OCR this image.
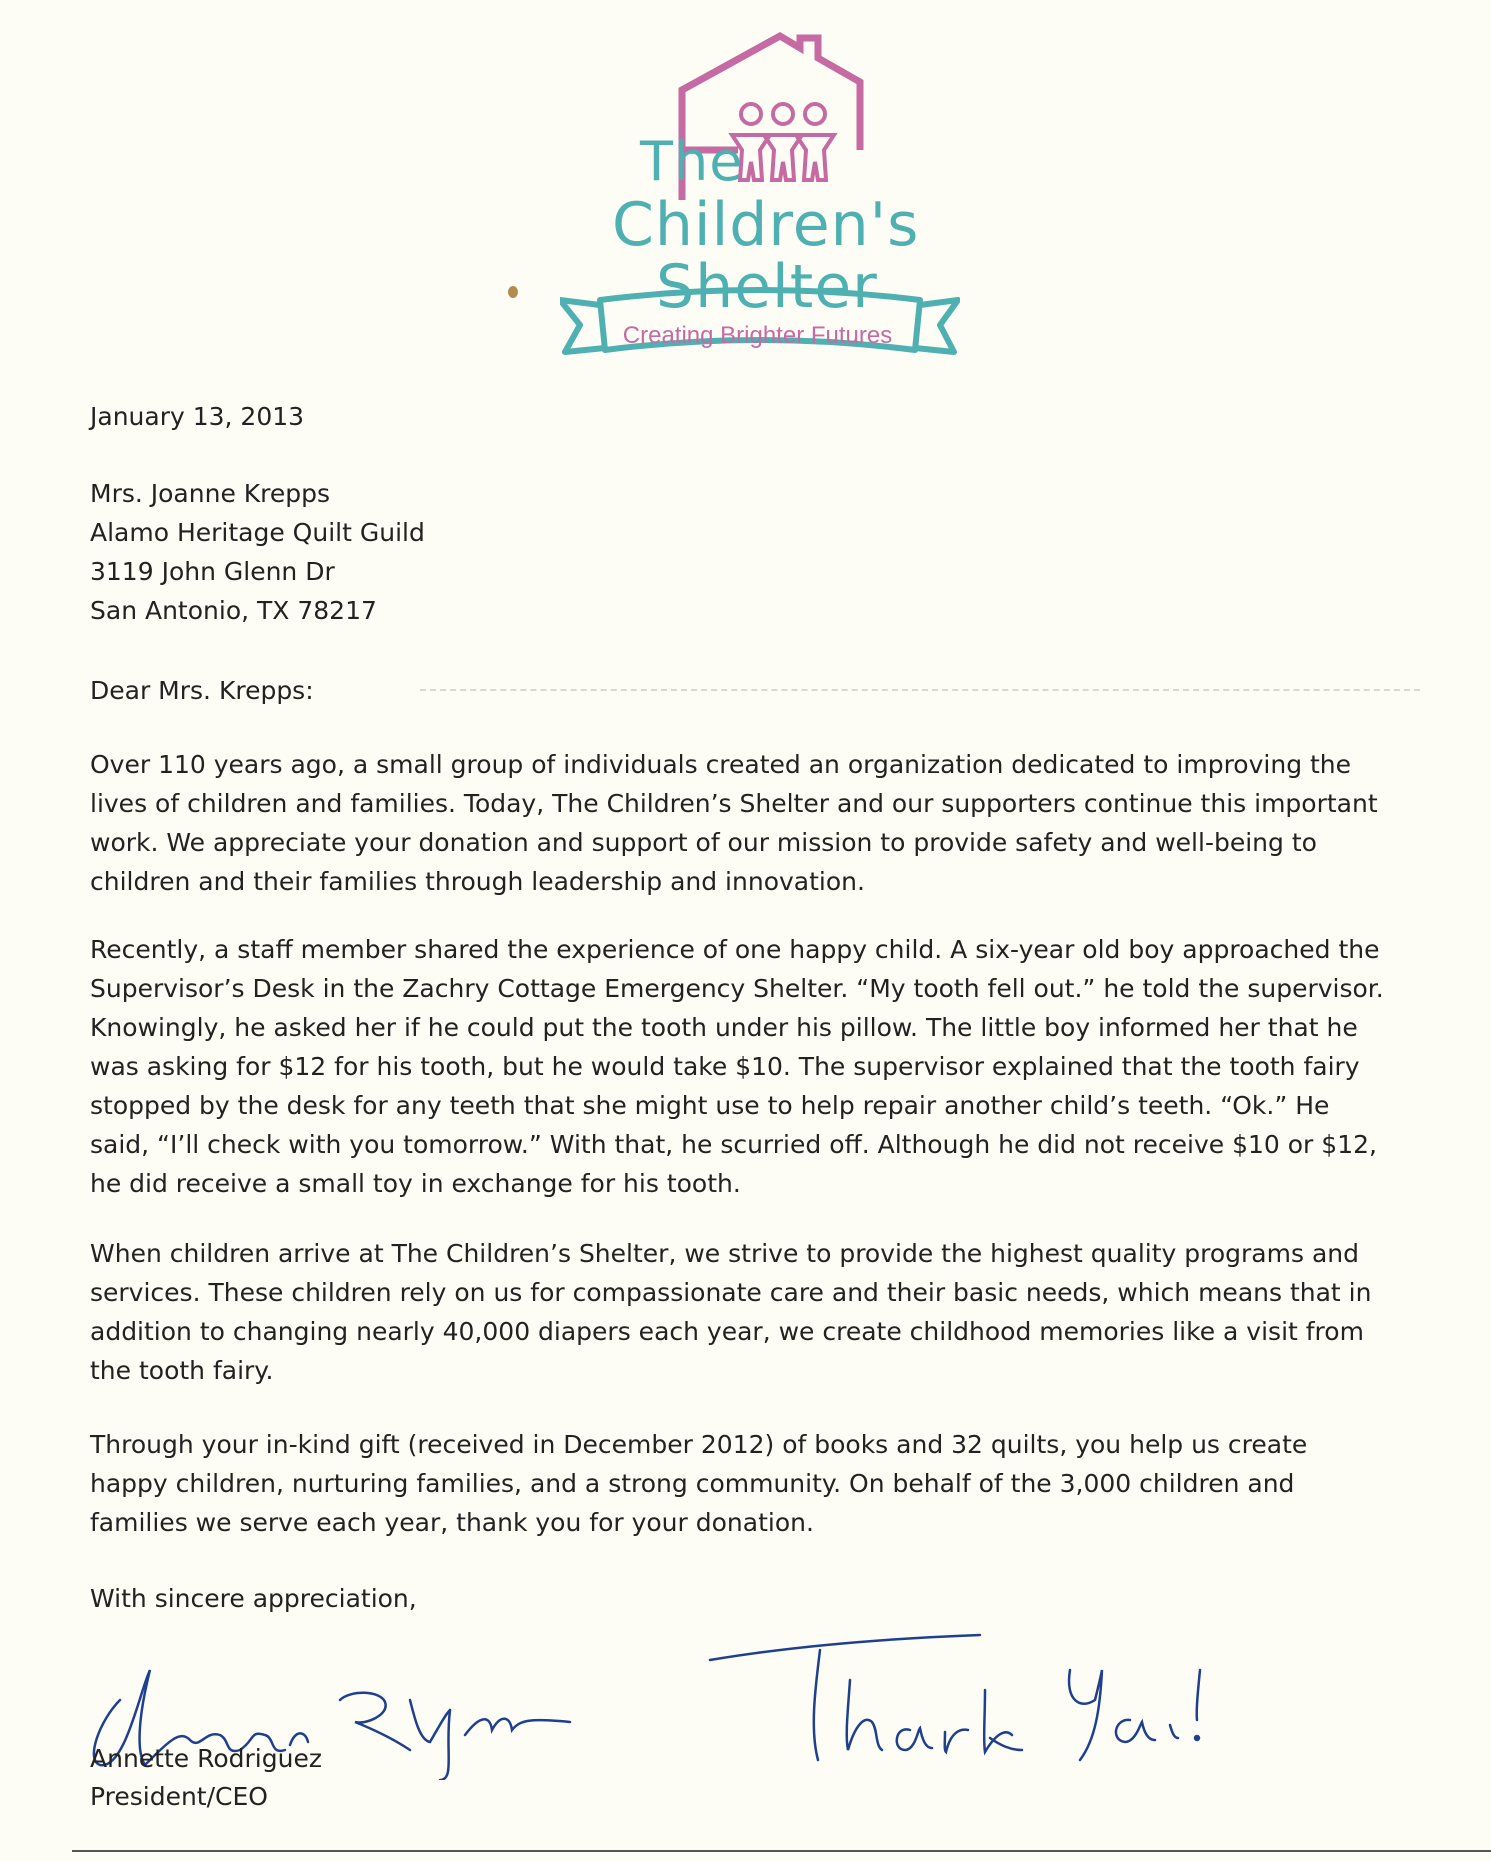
The
Children's
Shelter
Creating Brighter Futures
January 13, 2013
Mrs. Joanne Krepps
Alamo Heritage Quilt Guild
3119 John Glenn Dr
San Antonio, TX 78217
Dear Mrs. Krepps:
Over 110 years ago, a small group of individuals created an organization dedicated to improving the lives of children and families. Today, The Children’s Shelter and our supporters continue this important work. We appreciate your donation and support of our mission to provide safety and well-being to children and their families through leadership and innovation.
Recently, a staff member shared the experience of one happy child. A six-year old boy approached the Supervisor’s Desk in the Zachry Cottage Emergency Shelter. “My tooth fell out.” he told the supervisor. Knowingly, he asked her if he could put the tooth under his pillow. The little boy informed her that he was asking for $12 for his tooth, but he would take $10. The supervisor explained that the tooth fairy stopped by the desk for any teeth that she might use to help repair another child’s teeth. “Ok.” He said, “I’ll check with you tomorrow.” With that, he scurried off. Although he did not receive $10 or $12, he did receive a small toy in exchange for his tooth.
When children arrive at The Children’s Shelter, we strive to provide the highest quality programs and services. These children rely on us for compassionate care and their basic needs, which means that in addition to changing nearly 40,000 diapers each year, we create childhood memories like a visit from the tooth fairy.
Through your in-kind gift (received in December 2012) of books and 32 quilts, you help us create happy children, nurturing families, and a strong community. On behalf of the 3,000 children and families we serve each year, thank you for your donation.
With sincere appreciation,
Annette Rodriguez
President/CEO
